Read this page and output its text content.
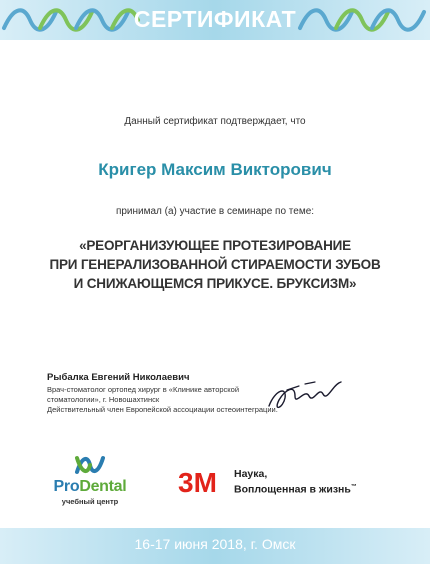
СЕРТИФИКАТ
Данный сертификат подтверждает, что
Кригер Максим Викторович
принимал (а) участие в семинаре по теме:
«РЕОРГАНИЗУЮЩЕЕ ПРОТЕЗИРОВАНИЕ
ПРИ ГЕНЕРАЛИЗОВАННОЙ СТИРАЕМОСТИ ЗУБОВ
И СНИЖАЮЩЕМСЯ ПРИКУСЕ. БРУКСИЗМ»
Рыбалка Евгений Николаевич
Врач-стоматолог ортопед хирург в «Клинике авторской
стоматологии», г. Новошахтинск
Действительный член Европейской ассоциации остеоинтеграции.
ProDental
учебный центр
3M Наука,
Воплощенная в жизнь™
16-17 июня 2018, г. Омск
